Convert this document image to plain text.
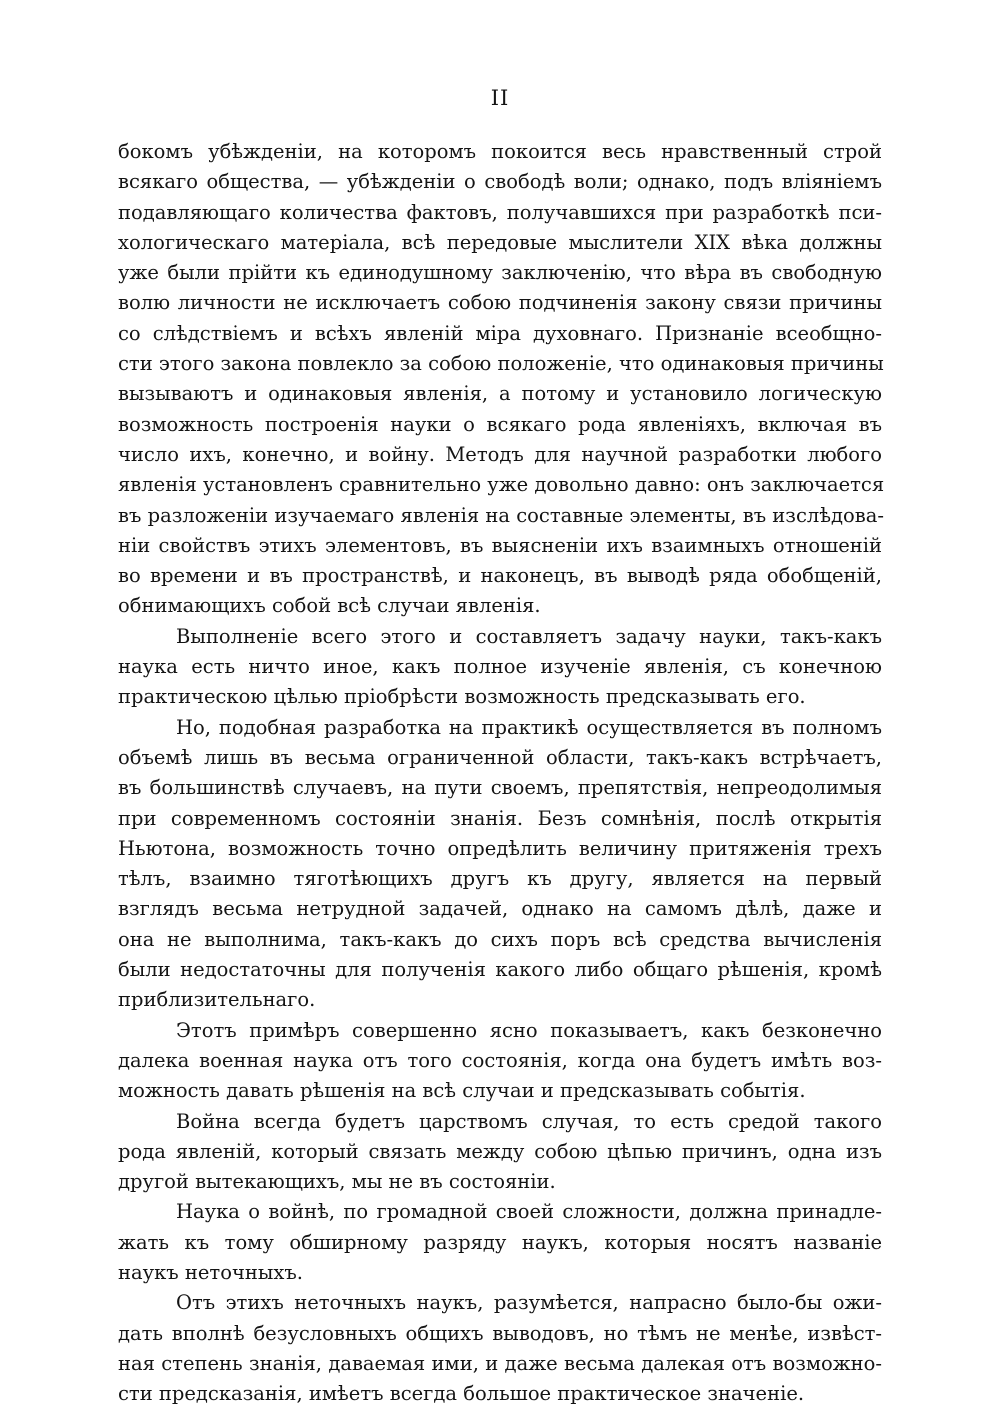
II
бокомъ убѣжденіи, на которомъ покоится весь нравственный строй
всякаго общества, — убѣжденіи о свободѣ воли; однако, подъ вліяніемъ
подавляющаго количества фактовъ, получавшихся при разработкѣ пси-
хологическаго матеріала, всѣ передовые мыслители XIX вѣка должны
уже были прійти къ единодушному заключенію, что вѣра въ свободную
волю личности не исключаетъ собою подчиненія закону связи причины
со слѣдствіемъ и всѣхъ явленій міра духовнаго. Признаніе всеобщно-
сти этого закона повлекло за собою положеніе, что одинаковыя причины
вызываютъ и одинаковыя явленія, а потому и установило логическую
возможность построенія науки о всякаго рода явленіяхъ, включая въ
число ихъ, конечно, и войну. Методъ для научной разработки любого
явленія установленъ сравнительно уже довольно давно: онъ заключается
въ разложеніи изучаемаго явленія на составные элементы, въ изслѣдова-
ніи свойствъ этихъ элементовъ, въ выясненіи ихъ взаимныхъ отношеній
во времени и въ пространствѣ, и наконецъ, въ выводѣ ряда обобщеній,
обнимающихъ собой всѣ случаи явленія.
Выполненіе всего этого и составляетъ задачу науки, такъ-какъ
наука есть ничто иное, какъ полное изученіе явленія, съ конечною
практическою цѣлью пріобрѣсти возможность предсказывать его.
Но, подобная разработка на практикѣ осуществляется въ полномъ
объемѣ лишь въ весьма ограниченной области, такъ-какъ встрѣчаетъ,
въ большинствѣ случаевъ, на пути своемъ, препятствія, непреодолимыя
при современномъ состояніи знанія. Безъ сомнѣнія, послѣ открытія
Ньютона, возможность точно опредѣлить величину притяженія трехъ
тѣлъ, взаимно тяготѣющихъ другъ къ другу, является на первый
взглядъ весьма нетрудной задачей, однако на самомъ дѣлѣ, даже и
она не выполнима, такъ-какъ до сихъ поръ всѣ средства вычисленія
были недостаточны для полученія какого либо общаго рѣшенія, кромѣ
приблизительнаго.
Этотъ примѣръ совершенно ясно показываетъ, какъ безконечно
далека военная наука отъ того состоянія, когда она будетъ имѣть воз-
можность давать рѣшенія на всѣ случаи и предсказывать событія.
Война всегда будетъ царствомъ случая, то есть средой такого
рода явленій, который связать между собою цѣпью причинъ, одна изъ
другой вытекающихъ, мы не въ состояніи.
Наука о войнѣ, по громадной своей сложности, должна принадле-
жать къ тому обширному разряду наукъ, которыя носятъ названіе
наукъ неточныхъ.
Отъ этихъ неточныхъ наукъ, разумѣется, напрасно было-бы ожи-
дать вполнѣ безусловныхъ общихъ выводовъ, но тѣмъ не менѣе, извѣст-
ная степень знанія, даваемая ими, и даже весьма далекая отъ возможно-
сти предсказанія, имѣетъ всегда большое практическое значеніе.
